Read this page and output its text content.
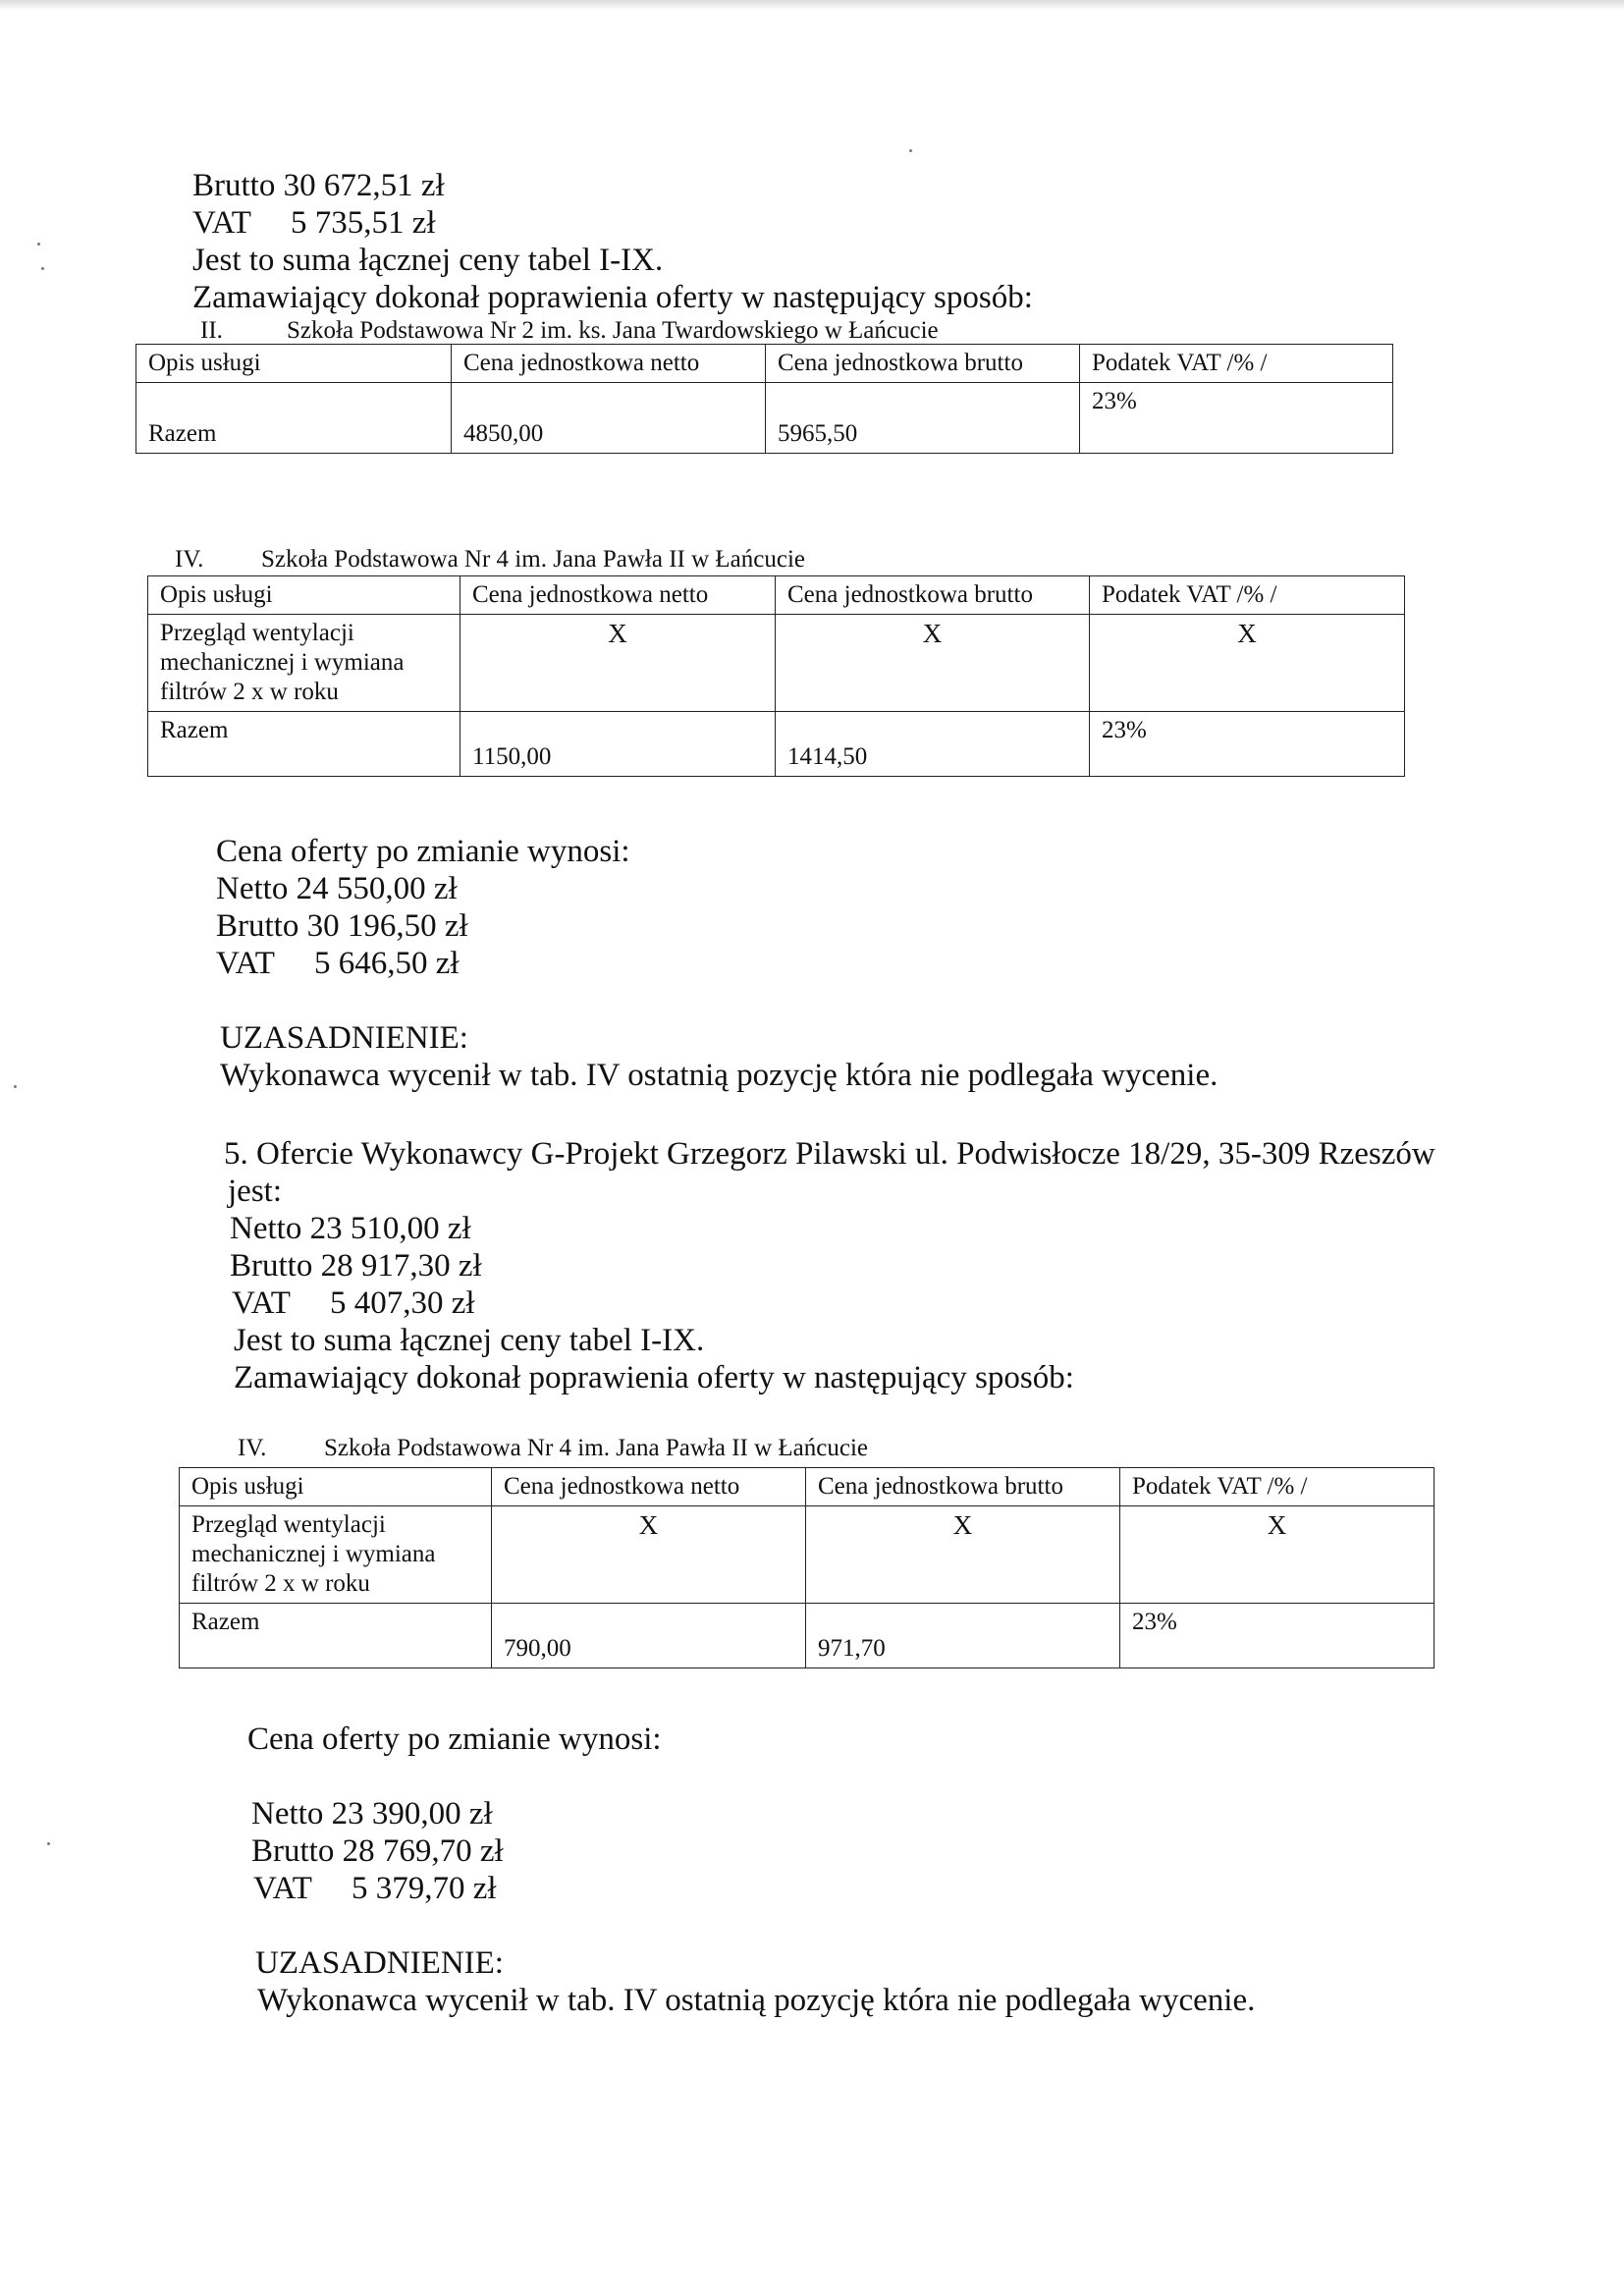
Brutto 30 672,51 zł
VAT 5 735,51 zł
Jest to suma łącznej ceny tabel I-IX.
Zamawiający dokonał poprawienia oferty w następujący sposób:
II.	Szkoła Podstawowa Nr 2 im. ks. Jana Twardowskiego w Łańcucie
Opis usługi	Cena jednostkowa netto	Cena jednostkowa brutto	Podatek VAT /% /
Razem	4850,00	5965,50	23%
IV. Szkoła Podstawowa Nr 4 im. Jana Pawła II w Łańcucie
Opis usługi	Cena jednostkowa netto	Cena jednostkowa brutto	Podatek VAT /% /
Przegląd wentylacji mechanicznej i wymiana filtrów 2 x w roku	X	X	X
Razem	1150,00	1414,50	23%
Cena oferty po zmianie wynosi:
Netto 24 550,00 zł
Brutto 30 196,50 zł
VAT 5 646,50 zł
UZASADNIENIE:
Wykonawca wycenił w tab. IV ostatnią pozycję która nie podlegała wycenie.
5. Ofercie Wykonawcy G-Projekt Grzegorz Pilawski ul. Podwisłocze 18/29, 35-309 Rzeszów
jest:
Netto 23 510,00 zł
Brutto 28 917,30 zł
VAT 5 407,30 zł
Jest to suma łącznej ceny tabel I-IX.
Zamawiający dokonał poprawienia oferty w następujący sposób:
IV. Szkoła Podstawowa Nr 4 im. Jana Pawła II w Łańcucie
Opis usługi	Cena jednostkowa netto	Cena jednostkowa brutto	Podatek VAT /% /
Przegląd wentylacji mechanicznej i wymiana filtrów 2 x w roku	X	X	X
Razem	790,00	971,70	23%
Cena oferty po zmianie wynosi:
Netto 23 390,00 zł
Brutto 28 769,70 zł
VAT 5 379,70 zł
UZASADNIENIE:
Wykonawca wycenił w tab. IV ostatnią pozycję która nie podlegała wycenie.
